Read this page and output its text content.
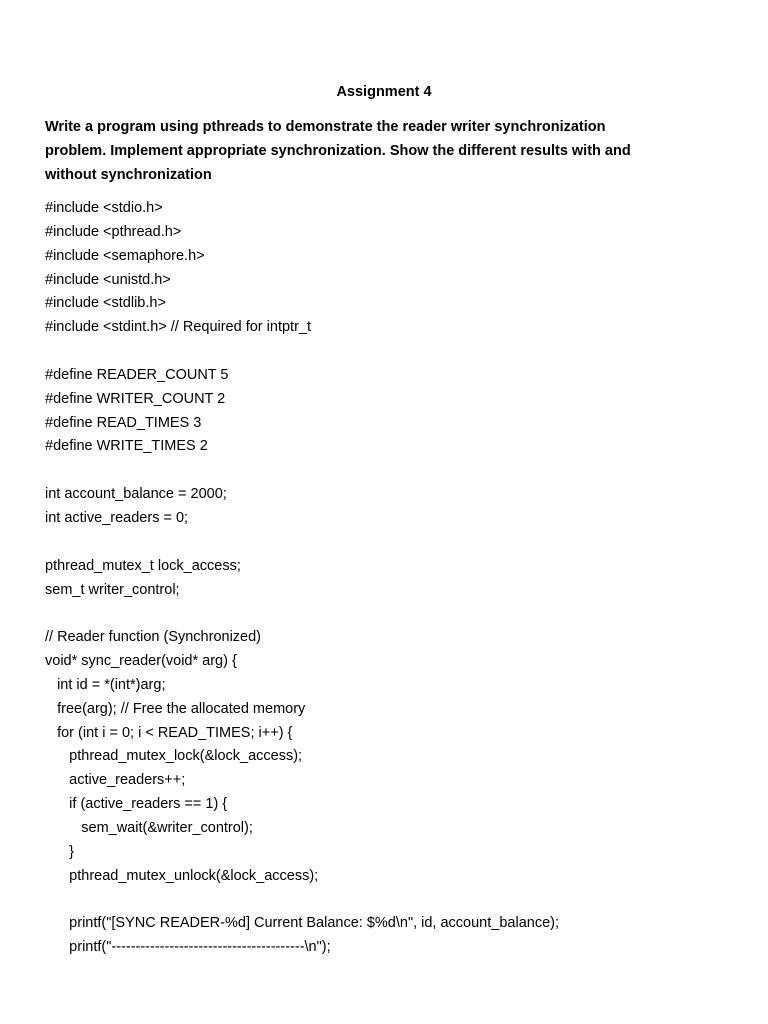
Assignment 4
Write a program using pthreads to demonstrate the reader writer synchronization
problem. Implement appropriate synchronization. Show the different results with and
without synchronization
#include <stdio.h>
#include <pthread.h>
#include <semaphore.h>
#include <unistd.h>
#include <stdlib.h>
#include <stdint.h> // Required for intptr_t
#define READER_COUNT 5
#define WRITER_COUNT 2
#define READ_TIMES 3
#define WRITE_TIMES 2
int account_balance = 2000;
int active_readers = 0;
pthread_mutex_t lock_access;
sem_t writer_control;
// Reader function (Synchronized)
void* sync_reader(void* arg) {
int id = *(int*)arg;
free(arg); // Free the allocated memory
for (int i = 0; i < READ_TIMES; i++) {
pthread_mutex_lock(&lock_access);
active_readers++;
if (active_readers == 1) {
sem_wait(&writer_control);
}
pthread_mutex_unlock(&lock_access);
printf("[SYNC READER-%d] Current Balance: $%d\n", id, account_balance);
printf("----------------------------------------\n");
